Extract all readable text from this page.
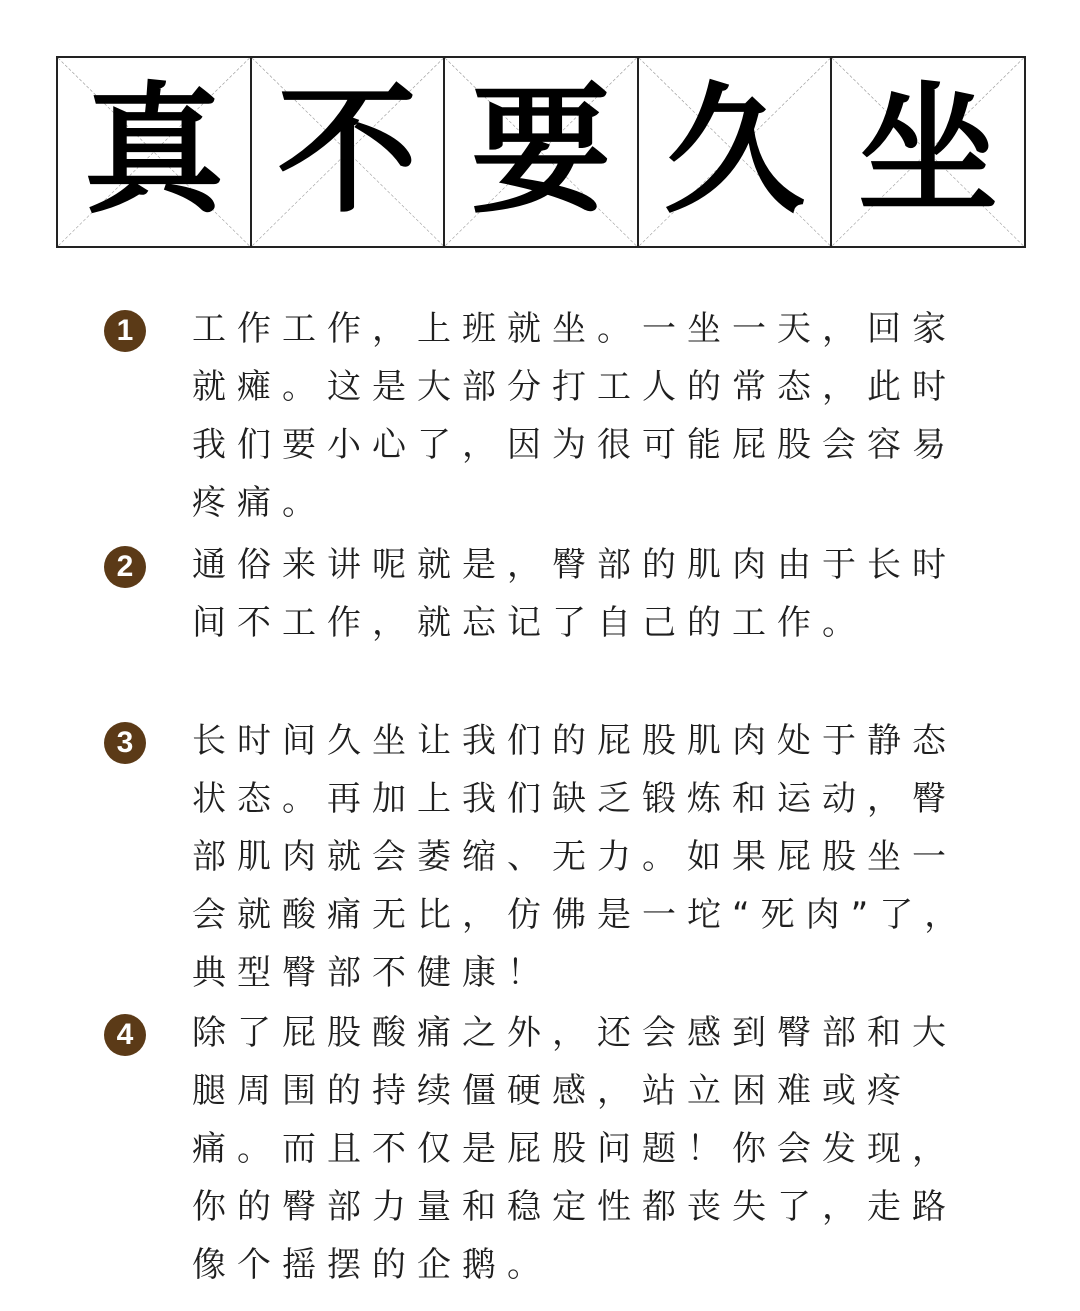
真 不 要 久 坐
1	工作工作，上班就坐。一坐一天，回家就瘫。这是大部分打工人的常态，此时我们要小心了，因为很可能屁股会容易疼痛。

2	通俗来讲呢就是，臀部的肌肉由于长时间不工作，就忘记了自己的工作。

3	长时间久坐让我们的屁股肌肉处于静态状态。再加上我们缺乏锻炼和运动，臀部肌肉就会萎缩、无力。如果屁股坐一会就酸痛无比，仿佛是一坨“死肉”了，典型臀部不健康！

4	除了屁股酸痛之外，还会感到臀部和大腿周围的持续僵硬感，站立困难或疼痛。而且不仅是屁股问题！你会发现，你的臀部力量和稳定性都丧失了，走路像个摇摆的企鹅。
